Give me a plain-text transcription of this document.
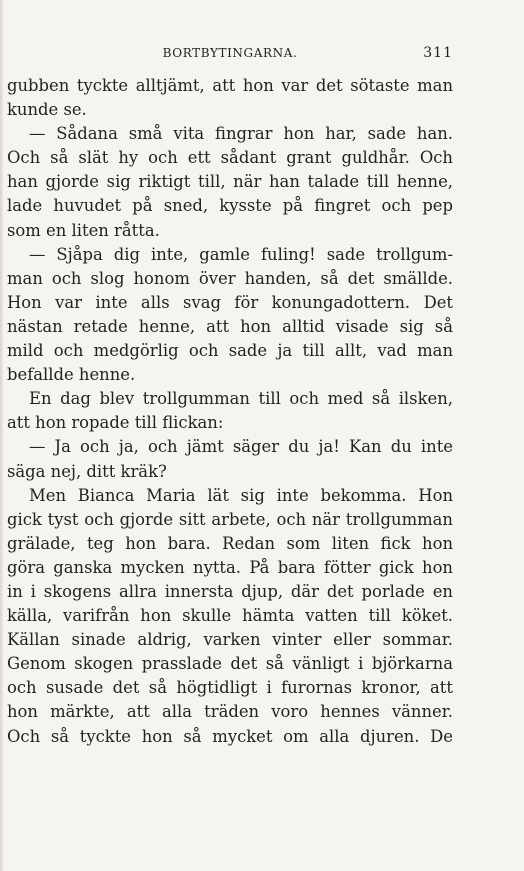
BORTBYTINGARNA.	311
gubben tyckte alltjämt, att hon var det sötaste man
kunde se.
— Sådana små vita fingrar hon har, sade han.
Och så slät hy och ett sådant grant guldhår. Och
han gjorde sig riktigt till, när han talade till henne,
lade huvudet på sned, kysste på fingret och pep
som en liten råtta.
— Sjåpa dig inte, gamle fuling! sade trollgum-
man och slog honom över handen, så det smällde.
Hon var inte alls svag för konungadottern. Det
nästan retade henne, att hon alltid visade sig så
mild och medgörlig och sade ja till allt, vad man
befallde henne.
En dag blev trollgumman till och med så ilsken,
att hon ropade till flickan:
— Ja och ja, och jämt säger du ja! Kan du inte
säga nej, ditt kräk?
Men Bianca Maria lät sig inte bekomma. Hon
gick tyst och gjorde sitt arbete, och när trollgumman
grälade, teg hon bara. Redan som liten fick hon
göra ganska mycken nytta. På bara fötter gick hon
in i skogens allra innersta djup, där det porlade en
källa, varifrån hon skulle hämta vatten till köket.
Källan sinade aldrig, varken vinter eller sommar.
Genom skogen prasslade det så vänligt i björkarna
och susade det så högtidligt i furornas kronor, att
hon märkte, att alla träden voro hennes vänner.
Och så tyckte hon så mycket om alla djuren. De
